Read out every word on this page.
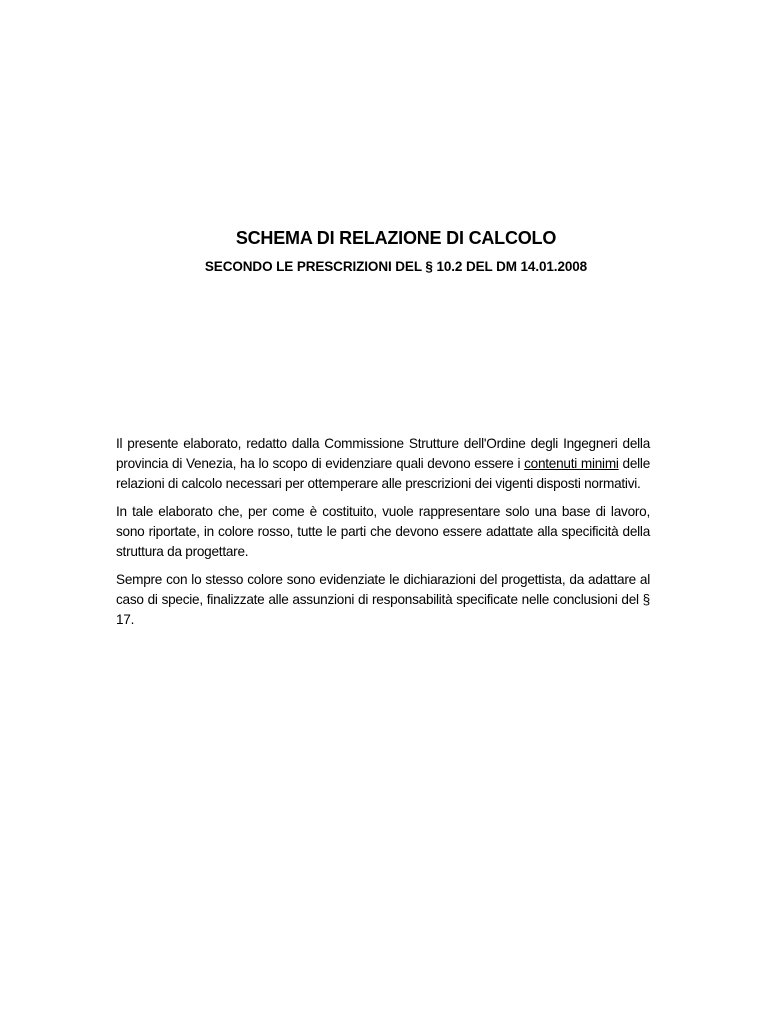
SCHEMA DI RELAZIONE DI CALCOLO
SECONDO LE PRESCRIZIONI DEL § 10.2 DEL DM 14.01.2008

Il presente elaborato, redatto dalla Commissione Strutture dell'Ordine degli Ingegneri della provincia di Venezia, ha lo scopo di evidenziare quali devono essere i contenuti minimi delle relazioni di calcolo necessari per ottemperare alle prescrizioni dei vigenti disposti normativi.

In tale elaborato che, per come è costituito, vuole rappresentare solo una base di lavoro, sono riportate, in colore rosso, tutte le parti che devono essere adattate alla specificità della struttura da progettare.

Sempre con lo stesso colore sono evidenziate le dichiarazioni del progettista, da adattare al caso di specie, finalizzate alle assunzioni di responsabilità specificate nelle conclusioni del § 17.
